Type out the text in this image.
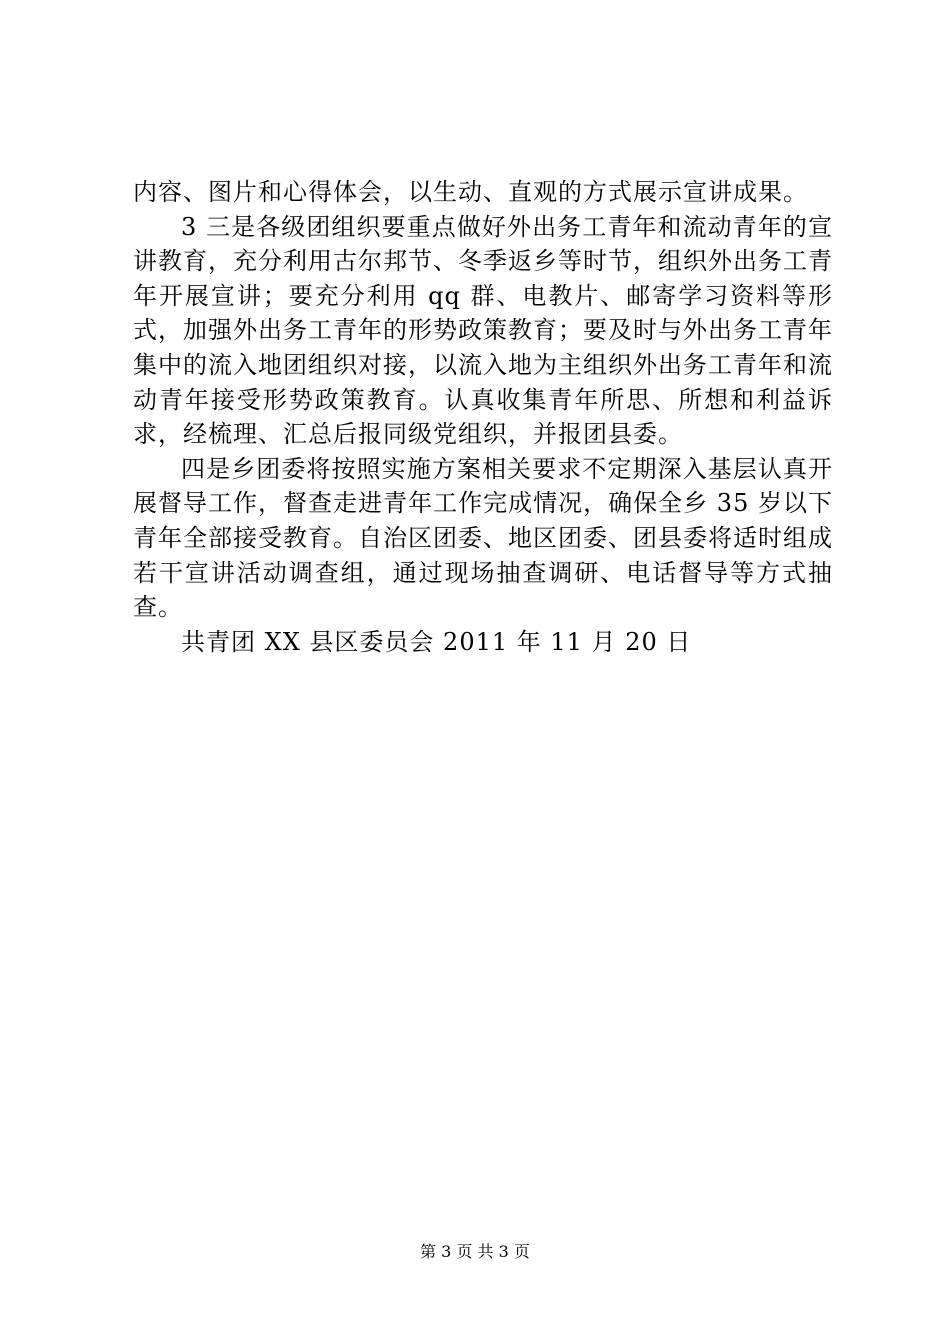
内容、图片和心得体会，以生动、直观的方式展示宣讲成果。

3 三是各级团组织要重点做好外出务工青年和流动青年的宣讲教育，充分利用古尔邦节、冬季返乡等时节，组织外出务工青年开展宣讲；要充分利用 qq 群、电教片、邮寄学习资料等形式，加强外出务工青年的形势政策教育；要及时与外出务工青年集中的流入地团组织对接，以流入地为主组织外出务工青年和流动青年接受形势政策教育。认真收集青年所思、所想和利益诉求，经梳理、汇总后报同级党组织，并报团县委。

四是乡团委将按照实施方案相关要求不定期深入基层认真开展督导工作，督查走进青年工作完成情况，确保全乡 35 岁以下青年全部接受教育。自治区团委、地区团委、团县委将适时组成若干宣讲活动调查组，通过现场抽查调研、电话督导等方式抽查。

共青团 XX 县区委员会 2011 年 11 月 20 日

第 3 页 共 3 页
